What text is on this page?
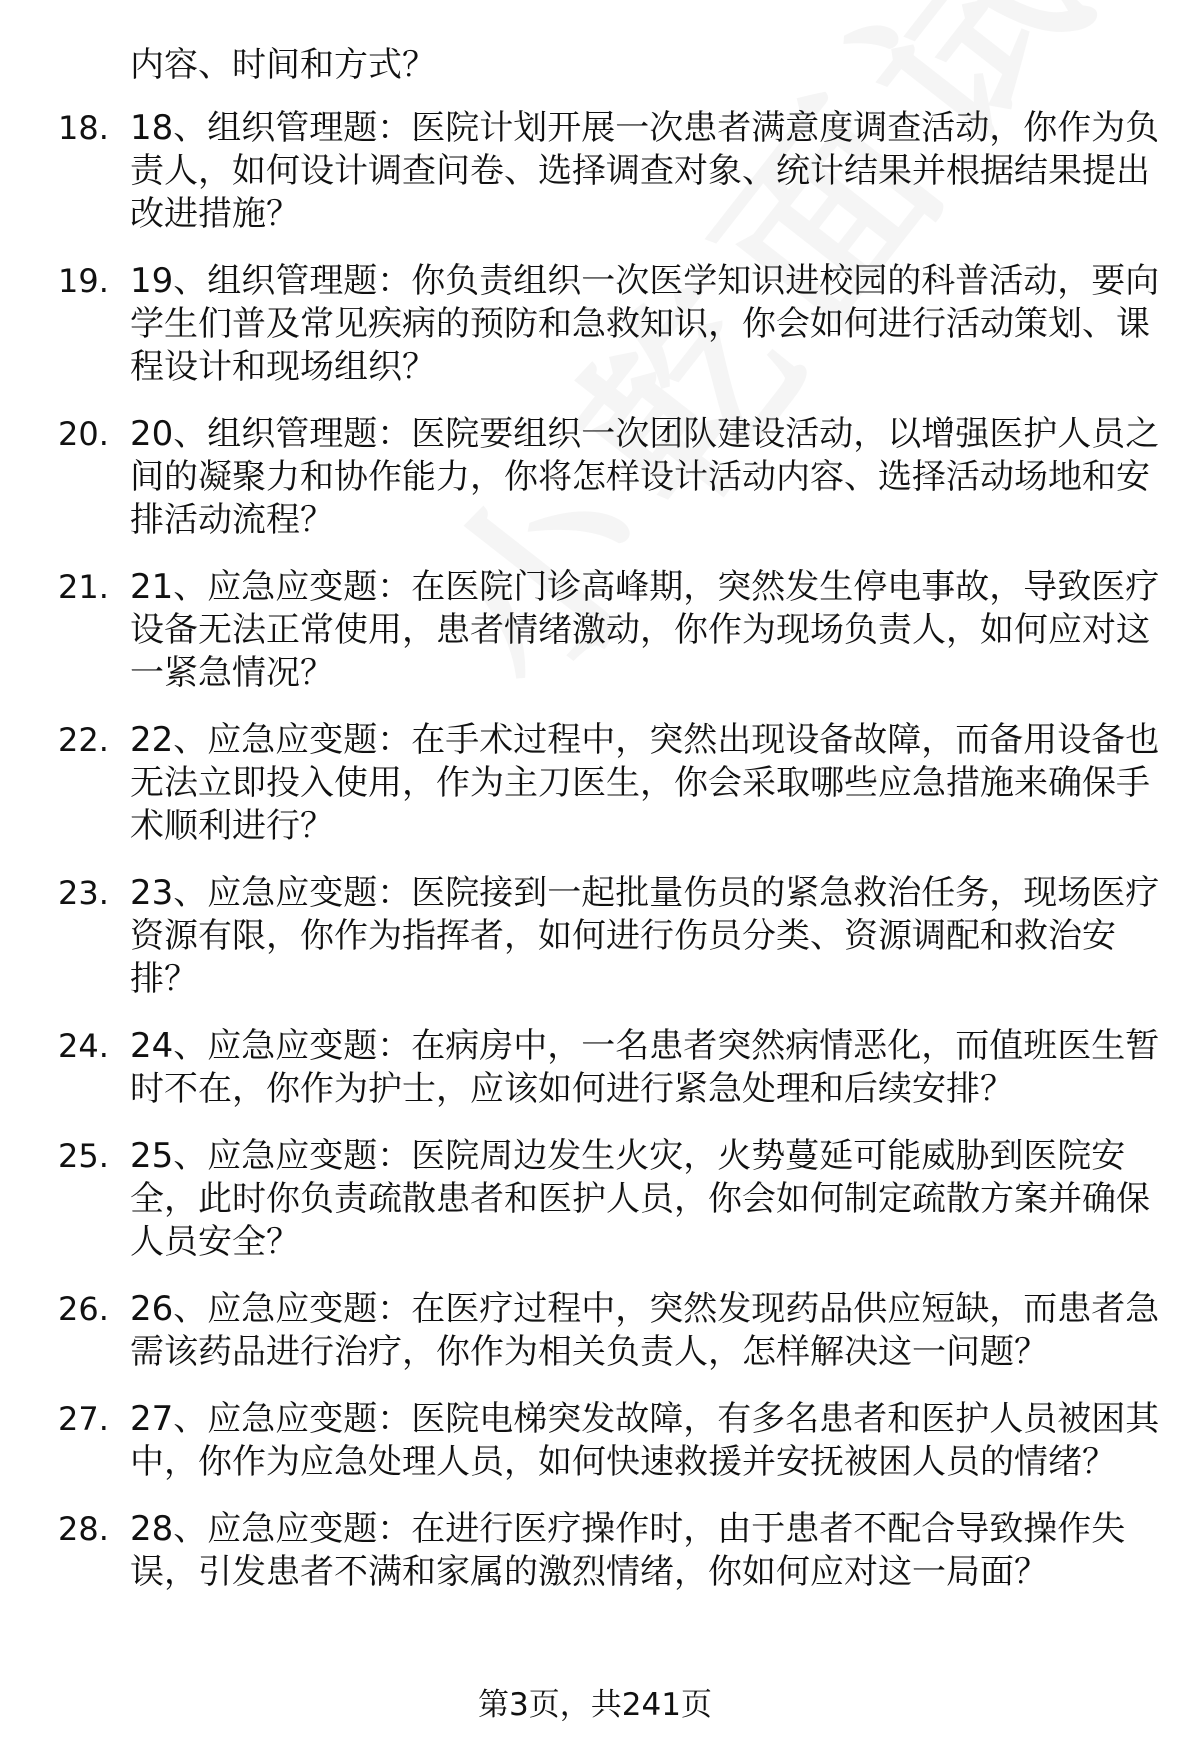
内容、时间和方式？
18. 18、组织管理题：医院计划开展一次患者满意度调查活动，你作为负责人，如何设计调查问卷、选择调查对象、统计结果并根据结果提出改进措施？
19. 19、组织管理题：你负责组织一次医学知识进校园的科普活动，要向学生们普及常见疾病的预防和急救知识，你会如何进行活动策划、课程设计和现场组织？
20. 20、组织管理题：医院要组织一次团队建设活动，以增强医护人员之间的凝聚力和协作能力，你将怎样设计活动内容、选择活动场地和安排活动流程？
21. 21、应急应变题：在医院门诊高峰期，突然发生停电事故，导致医疗设备无法正常使用，患者情绪激动，你作为现场负责人，如何应对这一紧急情况？
22. 22、应急应变题：在手术过程中，突然出现设备故障，而备用设备也无法立即投入使用，作为主刀医生，你会采取哪些应急措施来确保手术顺利进行？
23. 23、应急应变题：医院接到一起批量伤员的紧急救治任务，现场医疗资源有限，你作为指挥者，如何进行伤员分类、资源调配和救治安排？
24. 24、应急应变题：在病房中，一名患者突然病情恶化，而值班医生暂时不在，你作为护士，应该如何进行紧急处理和后续安排？
25. 25、应急应变题：医院周边发生火灾，火势蔓延可能威胁到医院安全，此时你负责疏散患者和医护人员，你会如何制定疏散方案并确保人员安全？
26. 26、应急应变题：在医疗过程中，突然发现药品供应短缺，而患者急需该药品进行治疗，你作为相关负责人，怎样解决这一问题？
27. 27、应急应变题：医院电梯突发故障，有多名患者和医护人员被困其中，你作为应急处理人员，如何快速救援并安抚被困人员的情绪？
28. 28、应急应变题：在进行医疗操作时，由于患者不配合导致操作失误，引发患者不满和家属的激烈情绪，你如何应对这一局面？
第3页，共241页
